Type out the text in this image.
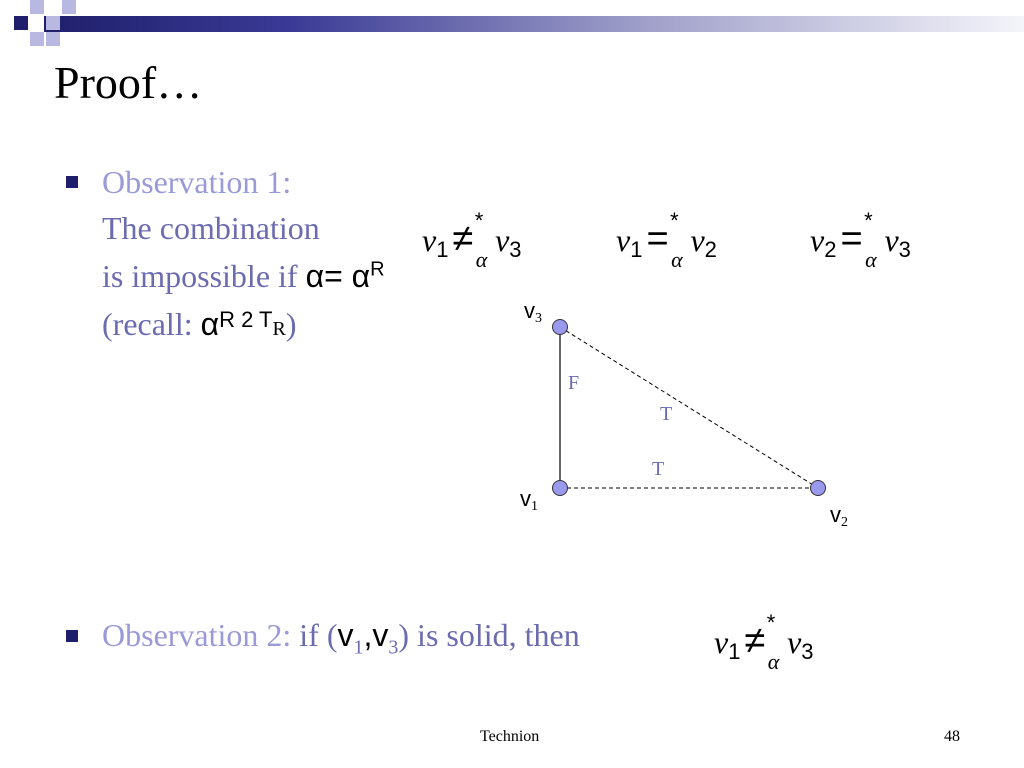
Proof…
Observation 1:
The combination
is impossible if $\alpha= \alpha^R$
(recall: $\alpha^{R 2 T}R$)
$v_1$ ≠ *
α
$v_3$	$v_1$ = *
α
$v_2$	$v_2$ = *
α
$v_3$
v3
v1	v2
F
T
T
Observation 2: if $(v_1,v_3)$ is solid, then	$v_1$ ≠ *
α
$v_3$
Technion	48
